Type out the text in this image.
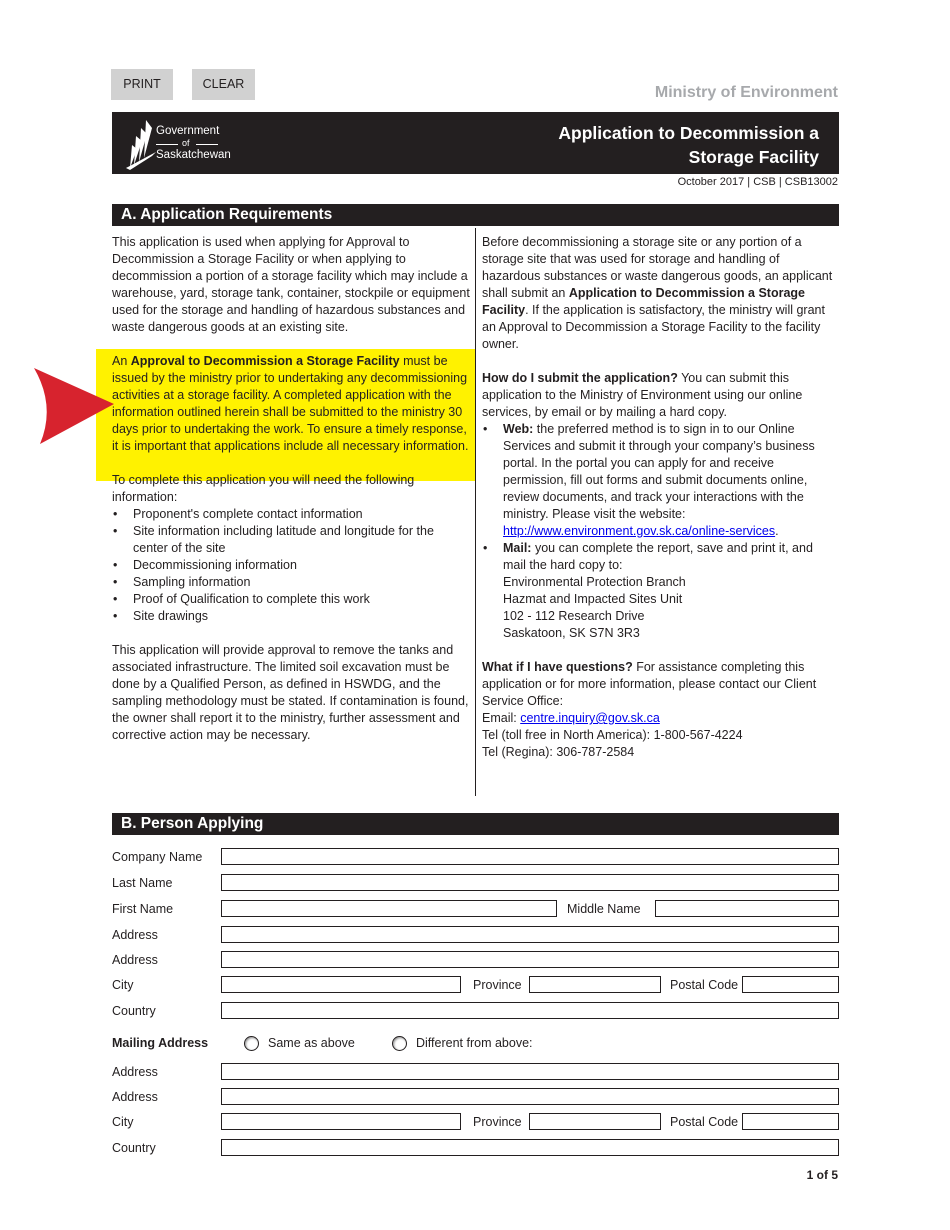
PRINT	CLEAR	Ministry of Environment
Government
of
Saskatchewan
Application to Decommission a
Storage Facility
October 2017 | CSB | CSB13002
A. Application Requirements

This application is used when applying for Approval to Decommission a Storage Facility or when applying to decommission a portion of a storage facility which may include a warehouse, yard, storage tank, container, stockpile or equipment used for the storage and handling of hazardous substances and waste dangerous goods at an existing site.

An Approval to Decommission a Storage Facility must be issued by the ministry prior to undertaking any decommissioning activities at a storage facility. A completed application with the information outlined herein shall be submitted to the ministry 30 days prior to undertaking the work. To ensure a timely response, it is important that applications include all necessary information.

To complete this application you will need the following information:

• Proponent's complete contact information
• Site information including latitude and longitude for the center of the site
• Decommissioning information
• Sampling information
• Proof of Qualification to complete this work
• Site drawings

This application will provide approval to remove the tanks and associated infrastructure. The limited soil excavation must be done by a Qualified Person, as defined in HSWDG, and the sampling methodology must be stated. If contamination is found, the owner shall report it to the ministry, further assessment and corrective action may be necessary.

Before decommissioning a storage site or any portion of a storage site that was used for storage and handling of hazardous substances or waste dangerous goods, an applicant shall submit an Application to Decommission a Storage Facility. If the application is satisfactory, the ministry will grant an Approval to Decommission a Storage Facility to the facility owner.

How do I submit the application? You can submit this application to the Ministry of Environment using our online services, by email or by mailing a hard copy.

• Web: the preferred method is to sign in to our Online Services and submit it through your company’s business portal. In the portal you can apply for and receive permission, fill out forms and submit documents online, review documents, and track your interactions with the ministry. Please visit the website:
http://www.environment.gov.sk.ca/online-services.
• Mail: you can complete the report, save and print it, and mail the hard copy to:
Environmental Protection Branch
Hazmat and Impacted Sites Unit
102 - 112 Research Drive
Saskatoon, SK S7N 3R3

What if I have questions? For assistance completing this application or for more information, please contact our Client Service Office:

Email: centre.inquiry@gov.sk.ca

Tel (toll free in North America): 1-800-567-4224

Tel (Regina): 306-787-2584

B. Person Applying
Company Name
Last Name
First Name	Middle Name
Address
Address
City	Province	Postal Code
Country
Mailing Address	Same as above	Different from above:
Address
Address
City	Province	Postal Code
Country
1 of 5
